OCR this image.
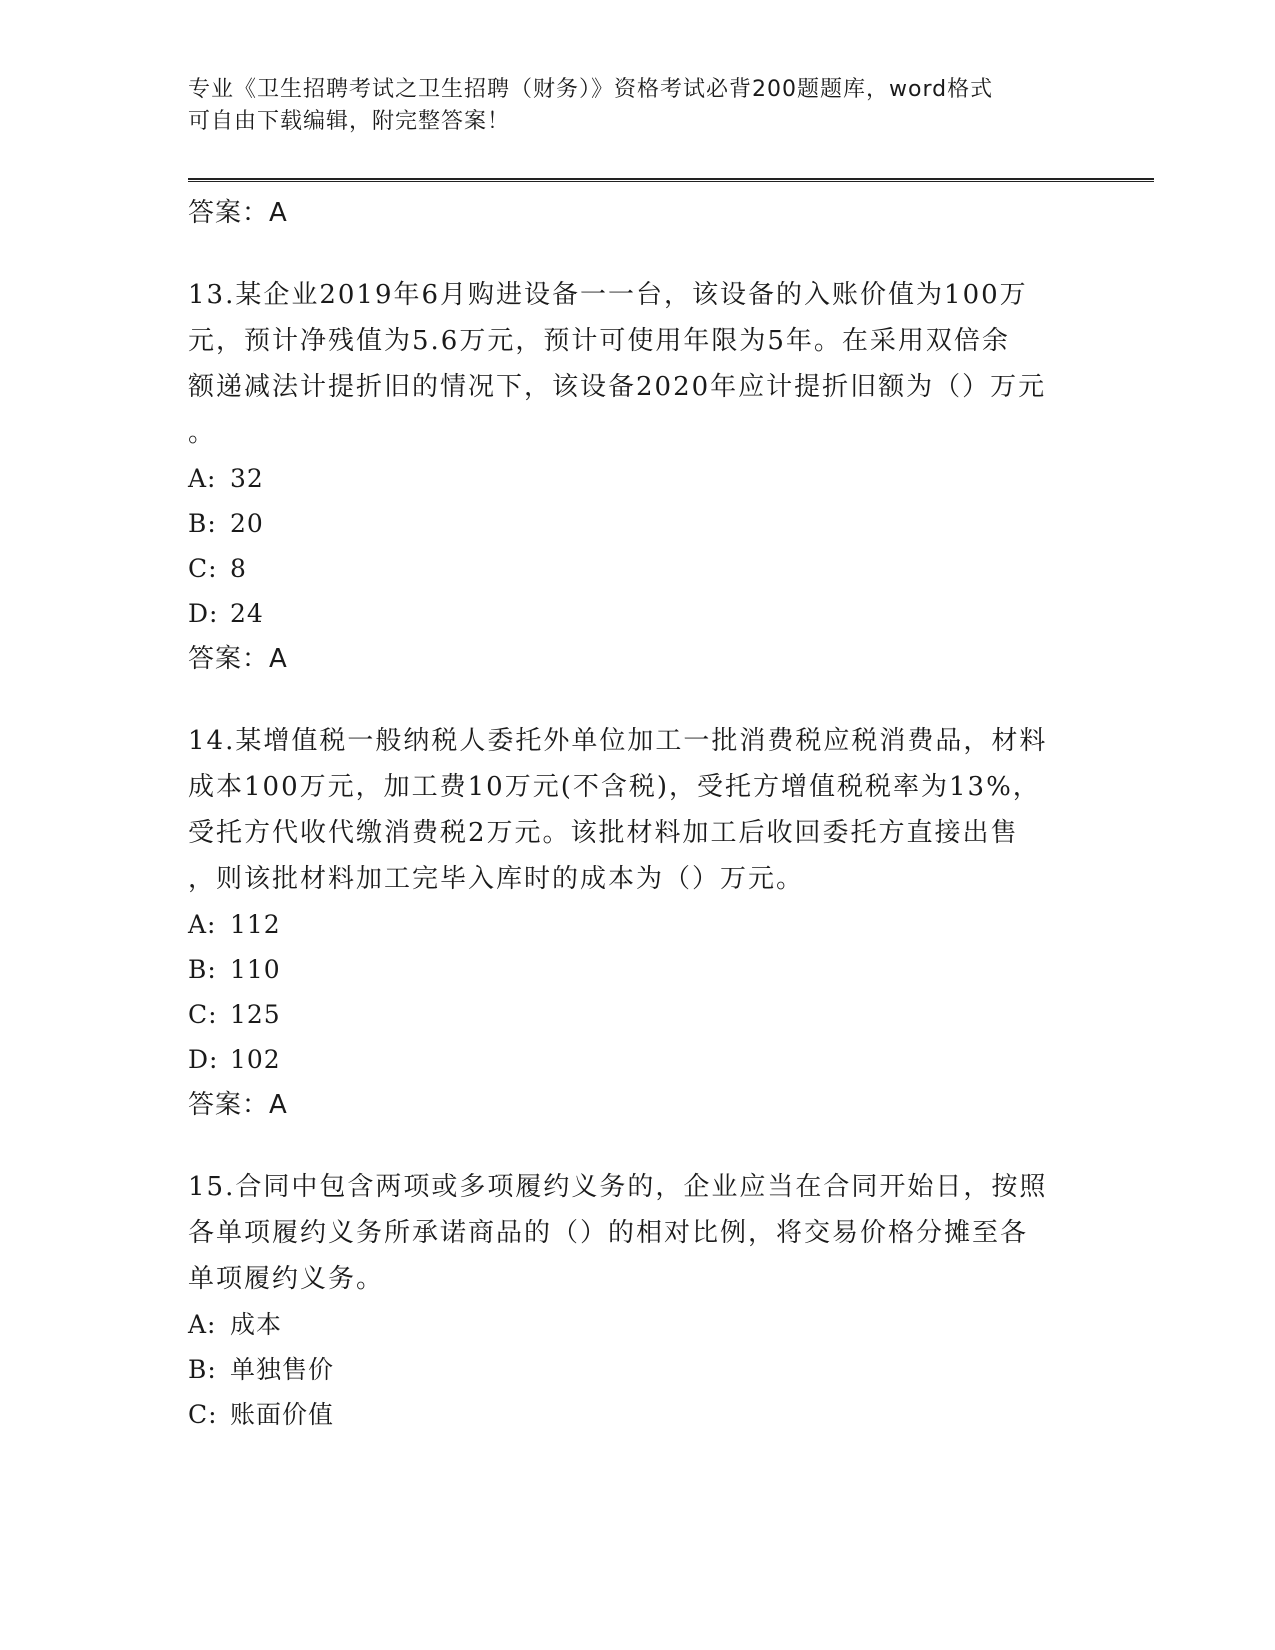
专业《卫生招聘考试之卫生招聘（财务）》资格考试必背200题题库，word格式
可自由下载编辑，附完整答案！
答案：A

13.某企业2019年6月购进设备一一台，该设备的入账价值为100万
元，预计净残值为5.6万元，预计可使用年限为5年。在采用双倍余
额递减法计提折旧的情况下，该设备2020年应计提折旧额为（）万元
。

A: 32
B: 20
C: 8
D: 24
答案：A

14.某增值税一般纳税人委托外单位加工一批消费税应税消费品，材料
成本100万元，加工费10万元(不含税)，受托方增值税税率为13%，
受托方代收代缴消费税2万元。该批材料加工后收回委托方直接出售
，则该批材料加工完毕入库时的成本为（）万元。

A: 112
B: 110
C: 125
D: 102
答案：A

15.合同中包含两项或多项履约义务的，企业应当在合同开始日，按照
各单项履约义务所承诺商品的（）的相对比例，将交易价格分摊至各
单项履约义务。

A: 成本
B: 单独售价
C: 账面价值
